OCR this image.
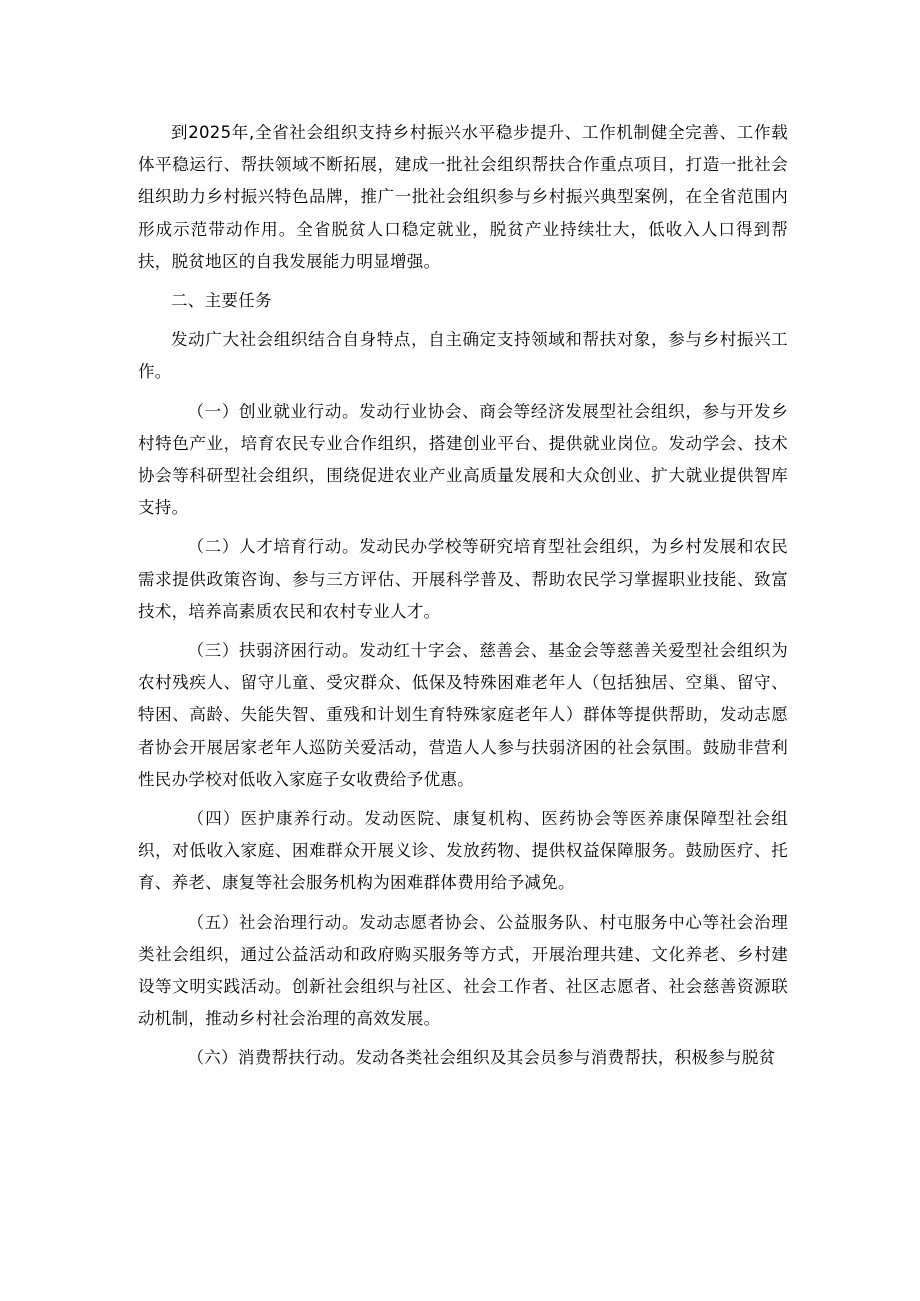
到2025年,全省社会组织支持乡村振兴水平稳步提升、工作机制健全完善、工作载体平稳运行、帮扶领域不断拓展，建成一批社会组织帮扶合作重点项目，打造一批社会组织助力乡村振兴特色品牌，推广一批社会组织参与乡村振兴典型案例，在全省范围内形成示范带动作用。全省脱贫人口稳定就业，脱贫产业持续壮大，低收入人口得到帮扶，脱贫地区的自我发展能力明显增强。

二、主要任务

发动广大社会组织结合自身特点，自主确定支持领域和帮扶对象，参与乡村振兴工作。

（一）创业就业行动。发动行业协会、商会等经济发展型社会组织，参与开发乡村特色产业，培育农民专业合作组织，搭建创业平台、提供就业岗位。发动学会、技术协会等科研型社会组织，围绕促进农业产业高质量发展和大众创业、扩大就业提供智库支持。

（二）人才培育行动。发动民办学校等研究培育型社会组织，为乡村发展和农民需求提供政策咨询、参与三方评估、开展科学普及、帮助农民学习掌握职业技能、致富技术，培养高素质农民和农村专业人才。

（三）扶弱济困行动。发动红十字会、慈善会、基金会等慈善关爱型社会组织为农村残疾人、留守儿童、受灾群众、低保及特殊困难老年人（包括独居、空巢、留守、特困、高龄、失能失智、重残和计划生育特殊家庭老年人）群体等提供帮助，发动志愿者协会开展居家老年人巡防关爱活动，营造人人参与扶弱济困的社会氛围。鼓励非营利性民办学校对低收入家庭子女收费给予优惠。

（四）医护康养行动。发动医院、康复机构、医药协会等医养康保障型社会组织，对低收入家庭、困难群众开展义诊、发放药物、提供权益保障服务。鼓励医疗、托育、养老、康复等社会服务机构为困难群体费用给予减免。

（五）社会治理行动。发动志愿者协会、公益服务队、村屯服务中心等社会治理类社会组织，通过公益活动和政府购买服务等方式，开展治理共建、文化养老、乡村建设等文明实践活动。创新社会组织与社区、社会工作者、社区志愿者、社会慈善资源联动机制，推动乡村社会治理的高效发展。

（六）消费帮扶行动。发动各类社会组织及其会员参与消费帮扶，积极参与脱贫
